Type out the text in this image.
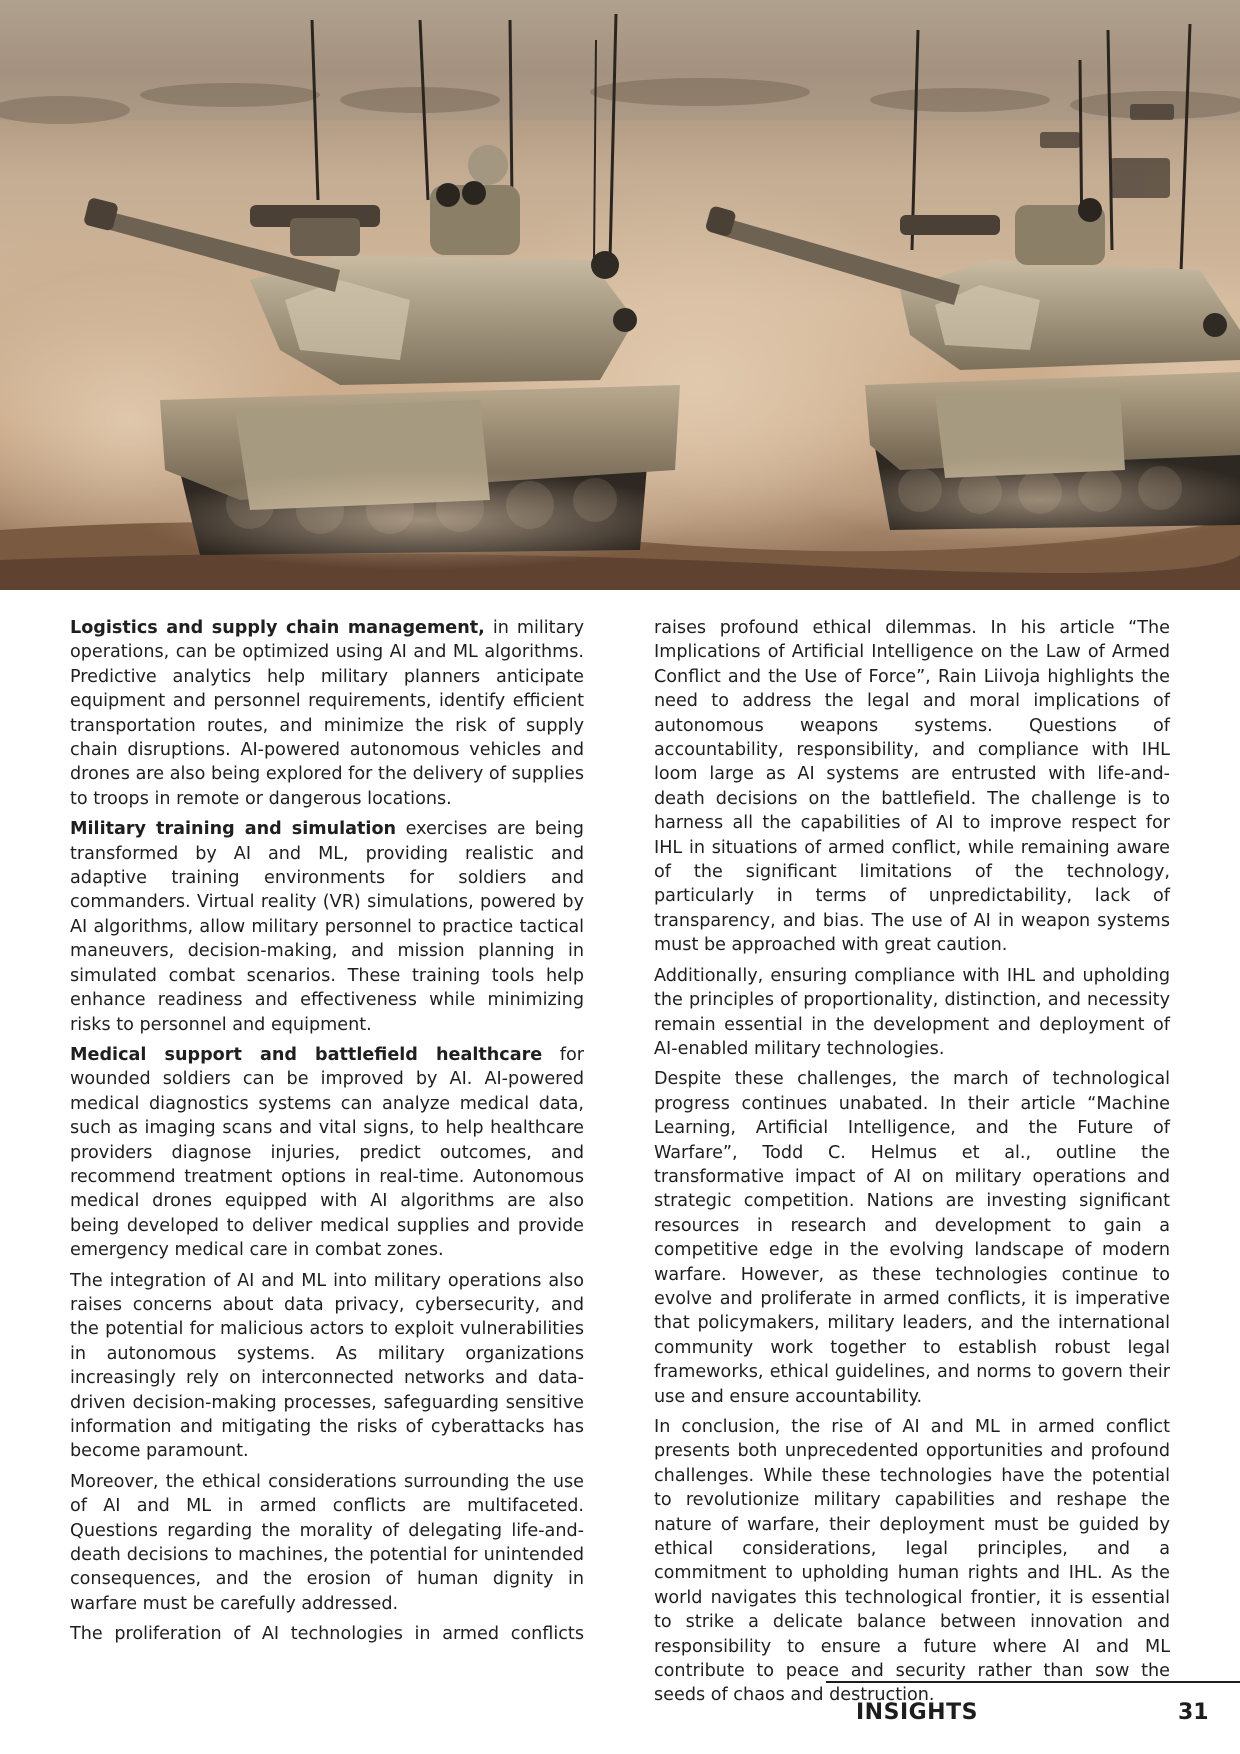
Logistics and supply chain management, in military operations, can be optimized using AI and ML algorithms. Predictive analytics help military planners anticipate equipment and personnel requirements, identify efficient transportation routes, and minimize the risk of supply chain disruptions. AI-powered autonomous vehicles and drones are also being explored for the delivery of supplies to troops in remote or dangerous locations.

Military training and simulation exercises are being transformed by AI and ML, providing realistic and adaptive training environments for soldiers and commanders. Virtual reality (VR) simulations, powered by AI algorithms, allow military personnel to practice tactical maneuvers, decision-making, and mission planning in simulated combat scenarios. These training tools help enhance readiness and effectiveness while minimizing risks to personnel and equipment.

Medical support and battlefield healthcare for wounded soldiers can be improved by AI. AI-powered medical diagnostics systems can analyze medical data, such as imaging scans and vital signs, to help healthcare providers diagnose injuries, predict outcomes, and recommend treatment options in real-time. Autonomous medical drones equipped with AI algorithms are also being developed to deliver medical supplies and provide emergency medical care in combat zones.

The integration of AI and ML into military operations also raises concerns about data privacy, cybersecurity, and the potential for malicious actors to exploit vulnerabilities in autonomous systems. As military organizations increasingly rely on interconnected networks and data-driven decision-making processes, safeguarding sensitive information and mitigating the risks of cyberattacks has become paramount.

Moreover, the ethical considerations surrounding the use of AI and ML in armed conflicts are multifaceted. Questions regarding the morality of delegating life-and-death decisions to machines, the potential for unintended consequences, and the erosion of human dignity in warfare must be carefully addressed.

The proliferation of AI technologies in armed conflicts

raises profound ethical dilemmas. In his article “The Implications of Artificial Intelligence on the Law of Armed Conflict and the Use of Force”, Rain Liivoja highlights the need to address the legal and moral implications of autonomous weapons systems. Questions of accountability, responsibility, and compliance with IHL loom large as AI systems are entrusted with life-and-death decisions on the battlefield. The challenge is to harness all the capabilities of AI to improve respect for IHL in situations of armed conflict, while remaining aware of the significant limitations of the technology, particularly in terms of unpredictability, lack of transparency, and bias. The use of AI in weapon systems must be approached with great caution.

Additionally, ensuring compliance with IHL and upholding the principles of proportionality, distinction, and necessity remain essential in the development and deployment of AI-enabled military technologies.

Despite these challenges, the march of technological progress continues unabated. In their article “Machine Learning, Artificial Intelligence, and the Future of Warfare”, Todd C. Helmus et al., outline the transformative impact of AI on military operations and strategic competition. Nations are investing significant resources in research and development to gain a competitive edge in the evolving landscape of modern warfare. However, as these technologies continue to evolve and proliferate in armed conflicts, it is imperative that policymakers, military leaders, and the international community work together to establish robust legal frameworks, ethical guidelines, and norms to govern their use and ensure accountability.

In conclusion, the rise of AI and ML in armed conflict presents both unprecedented opportunities and profound challenges. While these technologies have the potential to revolutionize military capabilities and reshape the nature of warfare, their deployment must be guided by ethical considerations, legal principles, and a commitment to upholding human rights and IHL. As the world navigates this technological frontier, it is essential to strike a delicate balance between innovation and responsibility to ensure a future where AI and ML contribute to peace and security rather than sow the seeds of chaos and destruction.

INSIGHTS	31
